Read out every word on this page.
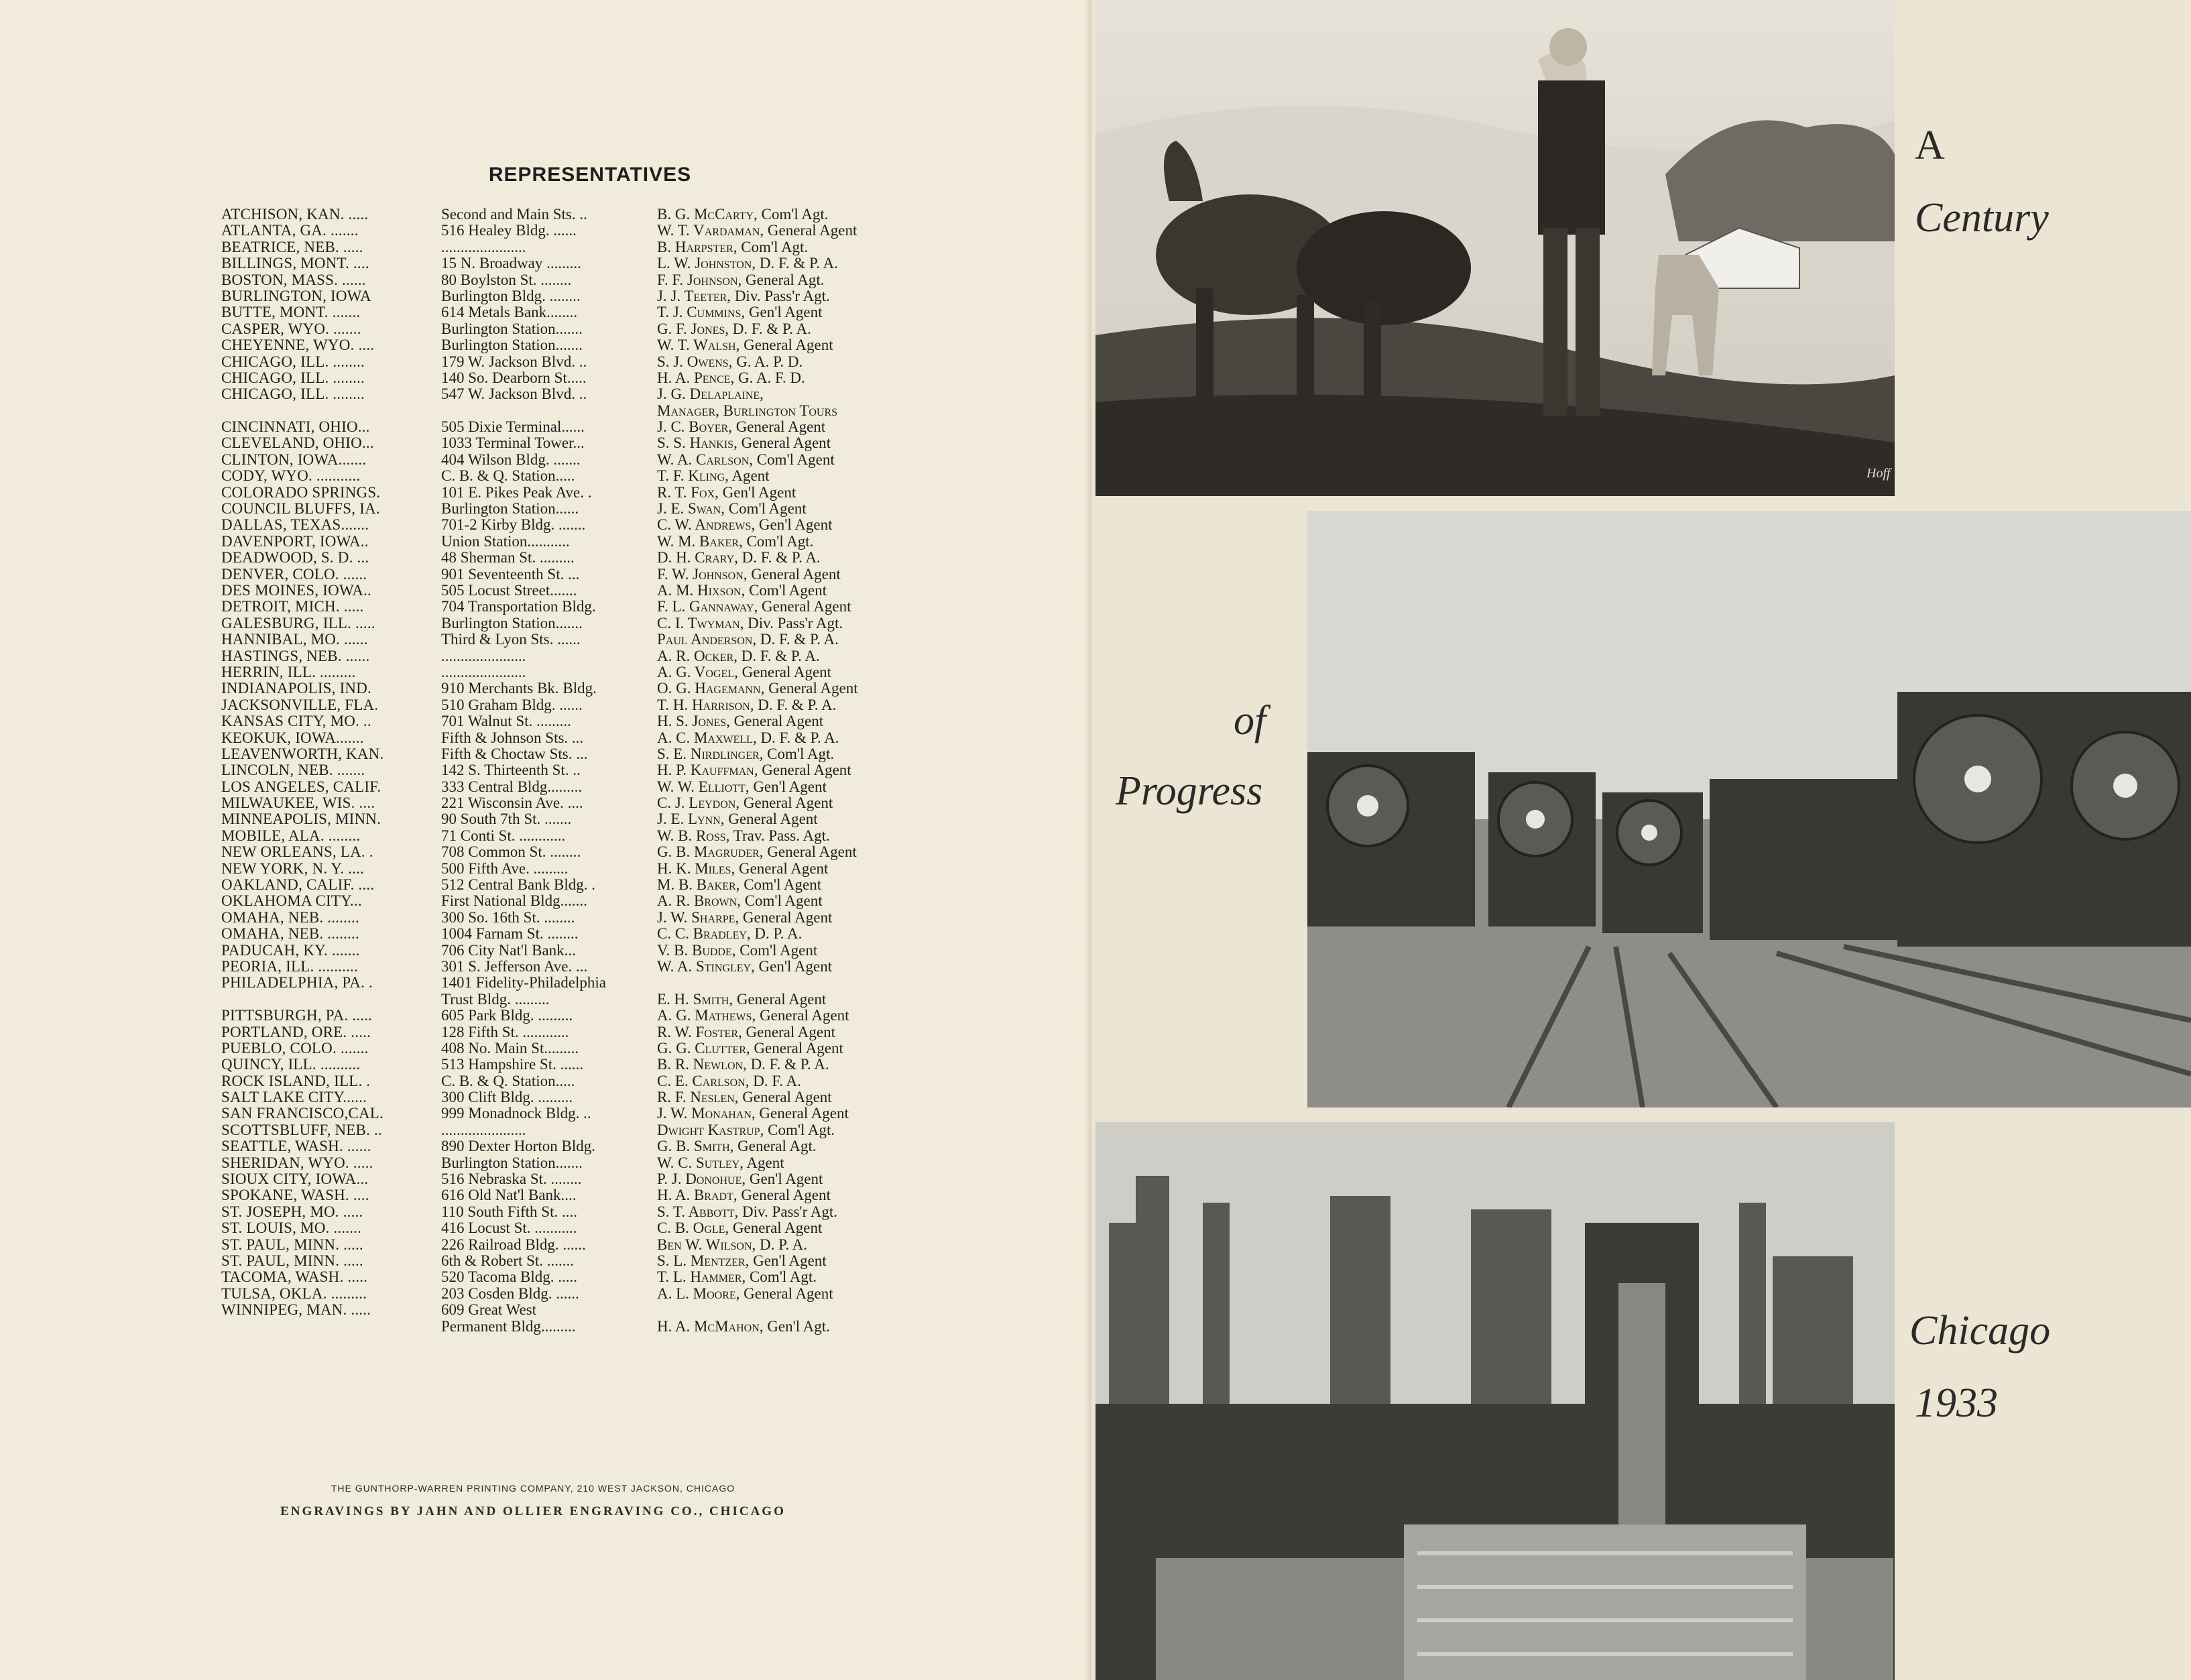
REPRESENTATIVES
ATCHISON, KAN. .....	Second and Main Sts. ..	B. G. McCarty, Com'l Agt.
ATLANTA, GA. .......	516 Healey Bldg. ......	W. T. Vardaman, General Agent
BEATRICE, NEB. .....	......................	B. Harpster, Com'l Agt.
BILLINGS, MONT. ....	15 N. Broadway .........	L. W. Johnston, D. F. & P. A.
BOSTON, MASS. ......	80 Boylston St. ........	F. F. Johnson, General Agt.
BURLINGTON, IOWA	Burlington Bldg. ........	J. J. Teeter, Div. Pass'r Agt.
BUTTE, MONT. .......	614 Metals Bank........	T. J. Cummins, Gen'l Agent
CASPER, WYO. .......	Burlington Station.......	G. F. Jones, D. F. & P. A.
CHEYENNE, WYO. ....	Burlington Station.......	W. T. Walsh, General Agent
CHICAGO, ILL. ........	179 W. Jackson Blvd. ..	S. J. Owens, G. A. P. D.
CHICAGO, ILL. ........	140 So. Dearborn St.....	H. A. Pence, G. A. F. D.
CHICAGO, ILL. ........	547 W. Jackson Blvd. ..	J. G. Delaplaine,
Manager, Burlington Tours
CINCINNATI, OHIO...	505 Dixie Terminal......	J. C. Boyer, General Agent
CLEVELAND, OHIO...	1033 Terminal Tower...	S. S. Hankis, General Agent
CLINTON, IOWA.......	404 Wilson Bldg. .......	W. A. Carlson, Com'l Agent
CODY, WYO. ...........	C. B. & Q. Station.....	T. F. Kling, Agent
COLORADO SPRINGS.	101 E. Pikes Peak Ave. .	R. T. Fox, Gen'l Agent
COUNCIL BLUFFS, IA.	Burlington Station......	J. E. Swan, Com'l Agent
DALLAS, TEXAS.......	701-2 Kirby Bldg. .......	C. W. Andrews, Gen'l Agent
DAVENPORT, IOWA..	Union Station...........	W. M. Baker, Com'l Agt.
DEADWOOD, S. D. ...	48 Sherman St. .........	D. H. Crary, D. F. & P. A.
DENVER, COLO. ......	901 Seventeenth St. ...	F. W. Johnson, General Agent
DES MOINES, IOWA..	505 Locust Street.......	A. M. Hixson, Com'l Agent
DETROIT, MICH. .....	704 Transportation Bldg.	F. L. Gannaway, General Agent
GALESBURG, ILL. .....	Burlington Station.......	C. I. Twyman, Div. Pass'r Agt.
HANNIBAL, MO. ......	Third & Lyon Sts. ......	Paul Anderson, D. F. & P. A.
HASTINGS, NEB. ......	......................	A. R. Ocker, D. F. & P. A.
HERRIN, ILL. .........	......................	A. G. Vogel, General Agent
INDIANAPOLIS, IND.	910 Merchants Bk. Bldg.	O. G. Hagemann, General Agent
JACKSONVILLE, FLA.	510 Graham Bldg. ......	T. H. Harrison, D. F. & P. A.
KANSAS CITY, MO. ..	701 Walnut St. .........	H. S. Jones, General Agent
KEOKUK, IOWA.......	Fifth & Johnson Sts. ...	A. C. Maxwell, D. F. & P. A.
LEAVENWORTH, KAN.	Fifth & Choctaw Sts. ...	S. E. Nirdlinger, Com'l Agt.
LINCOLN, NEB. .......	142 S. Thirteenth St. ..	H. P. Kauffman, General Agent
LOS ANGELES, CALIF.	333 Central Bldg.........	W. W. Elliott, Gen'l Agent
MILWAUKEE, WIS. ....	221 Wisconsin Ave. ....	C. J. Leydon, General Agent
MINNEAPOLIS, MINN.	90 South 7th St. .......	J. E. Lynn, General Agent
MOBILE, ALA. ........	71 Conti St. ............	W. B. Ross, Trav. Pass. Agt.
NEW ORLEANS, LA. .	708 Common St. ........	G. B. Magruder, General Agent
NEW YORK, N. Y. ....	500 Fifth Ave. .........	H. K. Miles, General Agent
OAKLAND, CALIF. ....	512 Central Bank Bldg. .	M. B. Baker, Com'l Agent
OKLAHOMA CITY...	First National Bldg.......	A. R. Brown, Com'l Agent
OMAHA, NEB. ........	300 So. 16th St. ........	J. W. Sharpe, General Agent
OMAHA, NEB. ........	1004 Farnam St. ........	C. C. Bradley, D. P. A.
PADUCAH, KY. .......	706 City Nat'l Bank...	V. B. Budde, Com'l Agent
PEORIA, ILL. ..........	301 S. Jefferson Ave. ...	W. A. Stingley, Gen'l Agent
PHILADELPHIA, PA. .	1401 Fidelity-Philadelphia
Trust Bldg. .........	E. H. Smith, General Agent
PITTSBURGH, PA. .....	605 Park Bldg. .........	A. G. Mathews, General Agent
PORTLAND, ORE. .....	128 Fifth St. ............	R. W. Foster, General Agent
PUEBLO, COLO. .......	408 No. Main St.........	G. G. Clutter, General Agent
QUINCY, ILL. ..........	513 Hampshire St. ......	B. R. Newlon, D. F. & P. A.
ROCK ISLAND, ILL. .	C. B. & Q. Station.....	C. E. Carlson, D. F. A.
SALT LAKE CITY......	300 Clift Bldg. .........	R. F. Neslen, General Agent
SAN FRANCISCO,CAL.	999 Monadnock Bldg. ..	J. W. Monahan, General Agent
SCOTTSBLUFF, NEB. ..	......................	Dwight Kastrup, Com'l Agt.
SEATTLE, WASH. ......	890 Dexter Horton Bldg.	G. B. Smith, General Agt.
SHERIDAN, WYO. .....	Burlington Station.......	W. C. Sutley, Agent
SIOUX CITY, IOWA...	516 Nebraska St. ........	P. J. Donohue, Gen'l Agent
SPOKANE, WASH. ....	616 Old Nat'l Bank....	H. A. Bradt, General Agent
ST. JOSEPH, MO. .....	110 South Fifth St. ....	S. T. Abbott, Div. Pass'r Agt.
ST. LOUIS, MO. .......	416 Locust St. ...........	C. B. Ogle, General Agent
ST. PAUL, MINN. .....	226 Railroad Bldg. ......	Ben W. Wilson, D. P. A.
ST. PAUL, MINN. .....	6th & Robert St. .......	S. L. Mentzer, Gen'l Agent
TACOMA, WASH. .....	520 Tacoma Bldg. .....	T. L. Hammer, Com'l Agt.
TULSA, OKLA. .........	203 Cosden Bldg. ......	A. L. Moore, General Agent
WINNIPEG, MAN. .....	609 Great West
Permanent Bldg.........	H. A. McMahon, Gen'l Agt.
THE GUNTHORP-WARREN PRINTING COMPANY, 210 WEST JACKSON, CHICAGO
ENGRAVINGS BY JAHN AND OLLIER ENGRAVING CO., CHICAGO
Hoff
A
Century
of
Progress
Chicago
1933
